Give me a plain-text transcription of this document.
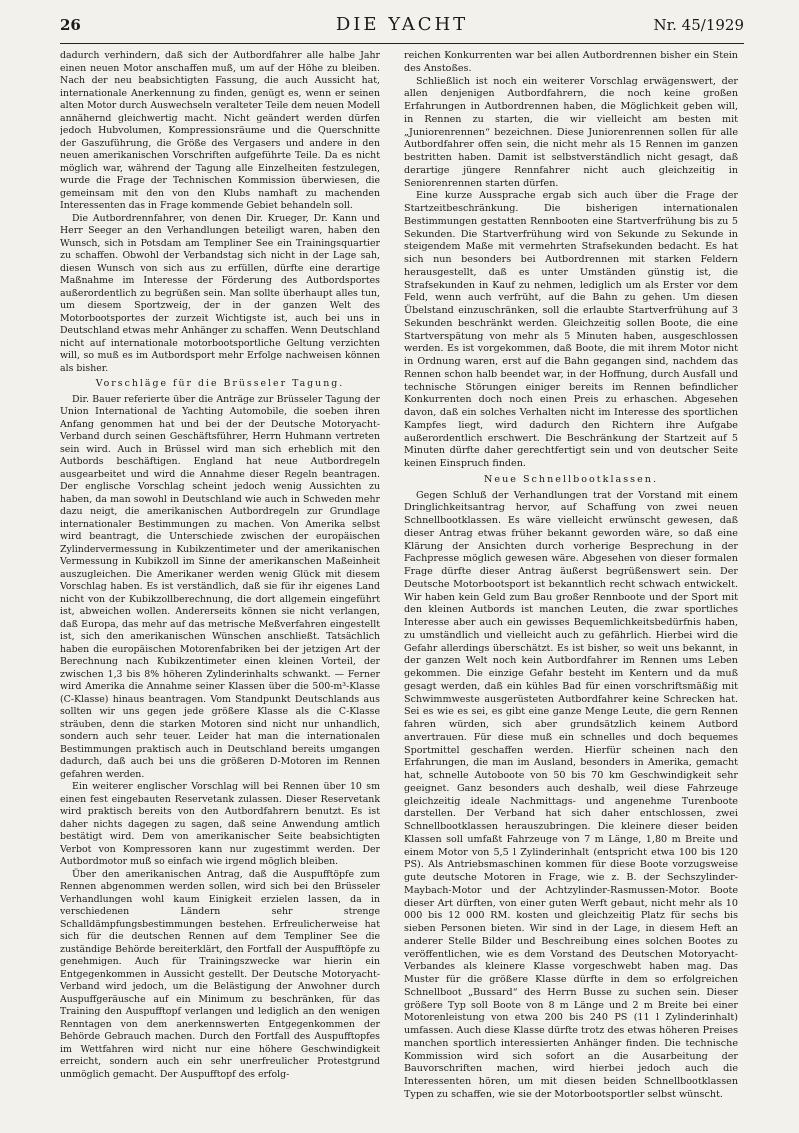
26	DIE YACHT	Nr. 45/1929

dadurch verhindern, daß sich der Autbordfahrer alle halbe Jahr einen neuen Motor anschaffen muß, um auf der Höhe zu bleiben. Nach der neu beabsichtigten Fassung, die auch Aussicht hat, internationale Anerkennung zu finden, genügt es, wenn er seinen alten Motor durch Auswechseln veralteter Teile dem neuen Modell annähernd gleichwertig macht. Nicht geändert werden dürfen jedoch Hubvolumen, Kompressionsräume und die Querschnitte der Gaszuführung, die Größe des Vergasers und andere in den neuen amerikanischen Vorschriften aufgeführte Teile. Da es nicht möglich war, während der Tagung alle Einzelheiten festzulegen, wurde die Frage der Technischen Kommission überwiesen, die gemeinsam mit den von den Klubs namhaft zu machenden Interessenten das in Frage kommende Gebiet behandeln soll.

Die Autbordrennfahrer, von denen Dir. Krueger, Dr. Kann und Herr Seeger an den Verhandlungen beteiligt waren, haben den Wunsch, sich in Potsdam am Templiner See ein Trainingsquartier zu schaffen. Obwohl der Verbandstag sich nicht in der Lage sah, diesen Wunsch von sich aus zu erfüllen, dürfte eine derartige Maßnahme im Interesse der Förderung des Autbordsportes außerordentlich zu begrüßen sein. Man sollte überhaupt alles tun, um diesem Sportzweig, der in der ganzen Welt des Motorbootsportes der zurzeit Wichtigste ist, auch bei uns in Deutschland etwas mehr Anhänger zu schaffen. Wenn Deutschland nicht auf internationale motorbootsportliche Geltung verzichten will, so muß es im Autbordsport mehr Erfolge nachweisen können als bisher.

Vorschläge für die Brüsseler Tagung.

Dir. Bauer referierte über die Anträge zur Brüsseler Tagung der Union International de Yachting Automobile, die soeben ihren Anfang genommen hat und bei der der Deutsche Motoryacht-Verband durch seinen Geschäftsführer, Herrn Huhmann vertreten sein wird. Auch in Brüssel wird man sich erheblich mit den Autbords beschäftigen. England hat neue Autbordregeln ausgearbeitet und wird die Annahme dieser Regeln beantragen. Der englische Vorschlag scheint jedoch wenig Aussichten zu haben, da man sowohl in Deutschland wie auch in Schweden mehr dazu neigt, die amerikanischen Autbordregeln zur Grundlage internationaler Bestimmungen zu machen. Von Amerika selbst wird beantragt, die Unterschiede zwischen der europäischen Zylindervermessung in Kubikzentimeter und der amerikanischen Vermessung in Kubikzoll im Sinne der amerikanschen Maßeinheit auszugleichen. Die Amerikaner werden wenig Glück mit diesem Vorschlag haben. Es ist verständlich, daß sie für ihr eigenes Land nicht von der Kubikzollberechnung, die dort allgemein eingeführt ist, abweichen wollen. Andererseits können sie nicht verlangen, daß Europa, das mehr auf das metrische Meßverfahren eingestellt ist, sich den amerikanischen Wünschen anschließt. Tatsächlich haben die europäischen Motorenfabriken bei der jetzigen Art der Berechnung nach Kubikzentimeter einen kleinen Vorteil, der zwischen 1,3 bis 8% höheren Zylinderinhalts schwankt. — Ferner wird Amerika die Annahme seiner Klassen über die 500-m³-Klasse (C-Klasse) hinaus beantragen. Vom Standpunkt Deutschlands aus sollten wir uns gegen jede größere Klasse als die C-Klasse sträuben, denn die starken Motoren sind nicht nur unhandlich, sondern auch sehr teuer. Leider hat man die internationalen Bestimmungen praktisch auch in Deutschland bereits umgangen dadurch, daß auch bei uns die größeren D-Motoren im Rennen gefahren werden.

Ein weiterer englischer Vorschlag will bei Rennen über 10 sm einen fest eingebauten Reservetank zulassen. Dieser Reservetank wird praktisch bereits von den Autbordfahrern benutzt. Es ist daher nichts dagegen zu sagen, daß seine Anwendung amtlich bestätigt wird. Dem von amerikanischer Seite beabsichtigten Verbot von Kompressoren kann nur zugestimmt werden. Der Autbordmotor muß so einfach wie irgend möglich bleiben.

Über den amerikanischen Antrag, daß die Auspufftöpfe zum Rennen abgenommen werden sollen, wird sich bei den Brüsseler Verhandlungen wohl kaum Einigkeit erzielen lassen, da in verschiedenen Ländern sehr strenge Schalldämpfungsbestimmungen bestehen. Erfreulicherweise hat sich für die deutschen Rennen auf dem Templiner See die zuständige Behörde bereiterklärt, den Fortfall der Auspufftöpfe zu genehmigen. Auch für Trainingszwecke war hierin ein Entgegenkommen in Aussicht gestellt. Der Deutsche Motoryacht-Verband wird jedoch, um die Belästigung der Anwohner durch Auspuffgeräusche auf ein Minimum zu beschränken, für das Training den Auspufftopf verlangen und lediglich an den wenigen Renntagen von dem anerkennswerten Entgegenkommen der Behörde Gebrauch machen. Durch den Fortfall des Auspufftopfes im Wettfahren wird nicht nur eine höhere Geschwindigkeit erreicht, sondern auch ein sehr unerfreulicher Protestgrund unmöglich gemacht. Der Auspufftopf des erfolg-

reichen Konkurrenten war bei allen Autbordrennen bisher ein Stein des Anstoßes.

Schließlich ist noch ein weiterer Vorschlag erwägenswert, der allen denjenigen Autbordfahrern, die noch keine großen Erfahrungen in Autbordrennen haben, die Möglichkeit geben will, in Rennen zu starten, die wir vielleicht am besten mit „Juniorenrennen“ bezeichnen. Diese Juniorenrennen sollen für alle Autbordfahrer offen sein, die nicht mehr als 15 Rennen im ganzen bestritten haben. Damit ist selbstverständlich nicht gesagt, daß derartige jüngere Rennfahrer nicht auch gleichzeitig in Seniorenrennen starten dürfen.

Eine kurze Aussprache ergab sich auch über die Frage der Startzeitbeschränkung. Die bisherigen internationalen Bestimmungen gestatten Rennbooten eine Startverfrühung bis zu 5 Sekunden. Die Startverfrühung wird von Sekunde zu Sekunde in steigendem Maße mit vermehrten Strafsekunden bedacht. Es hat sich nun besonders bei Autbordrennen mit starken Feldern herausgestellt, daß es unter Umständen günstig ist, die Strafsekunden in Kauf zu nehmen, lediglich um als Erster vor dem Feld, wenn auch verfrüht, auf die Bahn zu gehen. Um diesen Übelstand einzuschränken, soll die erlaubte Startverfrühung auf 3 Sekunden beschränkt werden. Gleichzeitig sollen Boote, die eine Startverspätung von mehr als 5 Minuten haben, ausgeschlossen werden. Es ist vorgekommen, daß Boote, die mit ihrem Motor nicht in Ordnung waren, erst auf die Bahn gegangen sind, nachdem das Rennen schon halb beendet war, in der Hoffnung, durch Ausfall und technische Störungen einiger bereits im Rennen befindlicher Konkurrenten doch noch einen Preis zu erhaschen. Abgesehen davon, daß ein solches Verhalten nicht im Interesse des sportlichen Kampfes liegt, wird dadurch den Richtern ihre Aufgabe außerordentlich erschwert. Die Beschränkung der Startzeit auf 5 Minuten dürfte daher gerechtfertigt sein und von deutscher Seite keinen Einspruch finden.

Neue Schnellbootklassen.

Gegen Schluß der Verhandlungen trat der Vorstand mit einem Dringlichkeitsantrag hervor, auf Schaffung von zwei neuen Schnellbootklassen. Es wäre vielleicht erwünscht gewesen, daß dieser Antrag etwas früher bekannt geworden wäre, so daß eine Klärung der Ansichten durch vorherige Besprechung in der Fachpresse möglich gewesen wäre. Abgesehen von dieser formalen Frage dürfte dieser Antrag äußerst begrüßenswert sein. Der Deutsche Motorbootsport ist bekanntlich recht schwach entwickelt. Wir haben kein Geld zum Bau großer Rennboote und der Sport mit den kleinen Autbords ist manchen Leuten, die zwar sportliches Interesse aber auch ein gewisses Bequemlichkeitsbedürfnis haben, zu umständlich und vielleicht auch zu gefährlich. Hierbei wird die Gefahr allerdings überschätzt. Es ist bisher, so weit uns bekannt, in der ganzen Welt noch kein Autbordfahrer im Rennen ums Leben gekommen. Die einzige Gefahr besteht im Kentern und da muß gesagt werden, daß ein kühles Bad für einen vorschriftsmäßig mit Schwimmweste ausgerüsteten Autbordfahrer keine Schrecken hat. Sei es wie es sei, es gibt eine ganze Menge Leute, die gern Rennen fahren würden, sich aber grundsätzlich keinem Autbord anvertrauen. Für diese muß ein schnelles und doch bequemes Sportmittel geschaffen werden. Hierfür scheinen nach den Erfahrungen, die man im Ausland, besonders in Amerika, gemacht hat, schnelle Autoboote von 50 bis 70 km Geschwindigkeit sehr geeignet. Ganz besonders auch deshalb, weil diese Fahrzeuge gleichzeitig ideale Nachmittags- und angenehme Turenboote darstellen. Der Verband hat sich daher entschlossen, zwei Schnellbootklassen herauszubringen. Die kleinere dieser beiden Klassen soll umfaßt Fahrzeuge von 7 m Länge, 1,80 m Breite und einem Motor von 5,5 l Zylinderinhalt (entspricht etwa 100 bis 120 PS). Als Antriebsmaschinen kommen für diese Boote vorzugsweise gute deutsche Motoren in Frage, wie z. B. der Sechszylinder-Maybach-Motor und der Achtzylinder-Rasmussen-Motor. Boote dieser Art dürften, von einer guten Werft gebaut, nicht mehr als 10 000 bis 12 000 RM. kosten und gleichzeitig Platz für sechs bis sieben Personen bieten. Wir sind in der Lage, in diesem Heft an anderer Stelle Bilder und Beschreibung eines solchen Bootes zu veröffentlichen, wie es dem Vorstand des Deutschen Motoryacht-Verbandes als kleinere Klasse vorgeschwebt haben mag. Das Muster für die größere Klasse dürfte in dem so erfolgreichen Schnellboot „Bussard“ des Herrn Busse zu suchen sein. Dieser größere Typ soll Boote von 8 m Länge und 2 m Breite bei einer Motorenleistung von etwa 200 bis 240 PS (11 l Zylinderinhalt) umfassen. Auch diese Klasse dürfte trotz des etwas höheren Preises manchen sportlich interessierten Anhänger finden. Die technische Kommission wird sich sofort an die Ausarbeitung der Bauvorschriften machen, wird hierbei jedoch auch die Interessenten hören, um mit diesen beiden Schnellbootklassen Typen zu schaffen, wie sie der Motorbootsportler selbst wünscht.
